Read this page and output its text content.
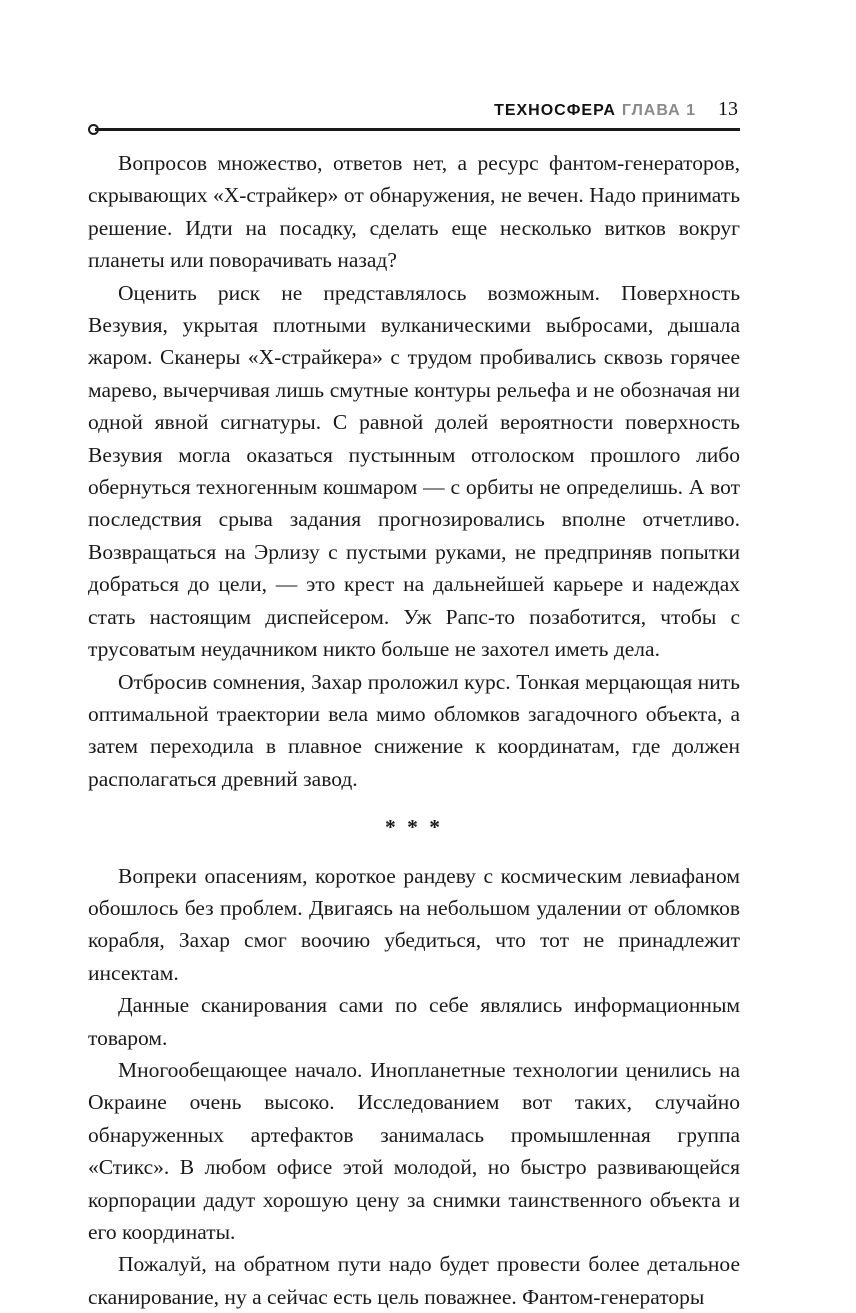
ТЕХНОСФЕРА ГЛАВА 1 13

Вопросов множество, ответов нет, а ресурс фантом-генераторов, скрывающих «Х-страйкер» от обнаружения, не вечен. Надо принимать решение. Идти на посадку, сделать еще несколько витков вокруг планеты или поворачивать назад?

Оценить риск не представлялось возможным. Поверхность Везувия, укрытая плотными вулканическими выбросами, дышала жаром. Сканеры «Х-страйкера» с трудом пробивались сквозь горячее марево, вычерчивая лишь смутные контуры рельефа и не обозначая ни одной явной сигнатуры. С равной долей вероятности поверхность Везувия могла оказаться пустынным отголоском прошлого либо обернуться техногенным кошмаром — с орбиты не определишь. А вот последствия срыва задания прогнозировались вполне отчетливо. Возвращаться на Эрлизу с пустыми руками, не предприняв попытки добраться до цели, — это крест на дальнейшей карьере и надеждах стать настоящим диспейсером. Уж Рапс-то позаботится, чтобы с трусоватым неудачником никто больше не захотел иметь дела.

Отбросив сомнения, Захар проложил курс. Тонкая мерцающая нить оптимальной траектории вела мимо обломков загадочного объекта, а затем переходила в плавное снижение к координатам, где должен располагаться древний завод.

* * *

Вопреки опасениям, короткое рандеву с космическим левиафаном обошлось без проблем. Двигаясь на небольшом удалении от обломков корабля, Захар смог воочию убедиться, что тот не принадлежит инсектам.

Данные сканирования сами по себе являлись информационным товаром.

Многообещающее начало. Инопланетные технологии ценились на Окраине очень высоко. Исследованием вот таких, случайно обнаруженных артефактов занималась промышленная группа «Стикс». В любом офисе этой молодой, но быстро развивающейся корпорации дадут хорошую цену за снимки таинственного объекта и его координаты.

Пожалуй, на обратном пути надо будет провести более детальное сканирование, ну а сейчас есть цель поважнее. Фантом-генераторы
